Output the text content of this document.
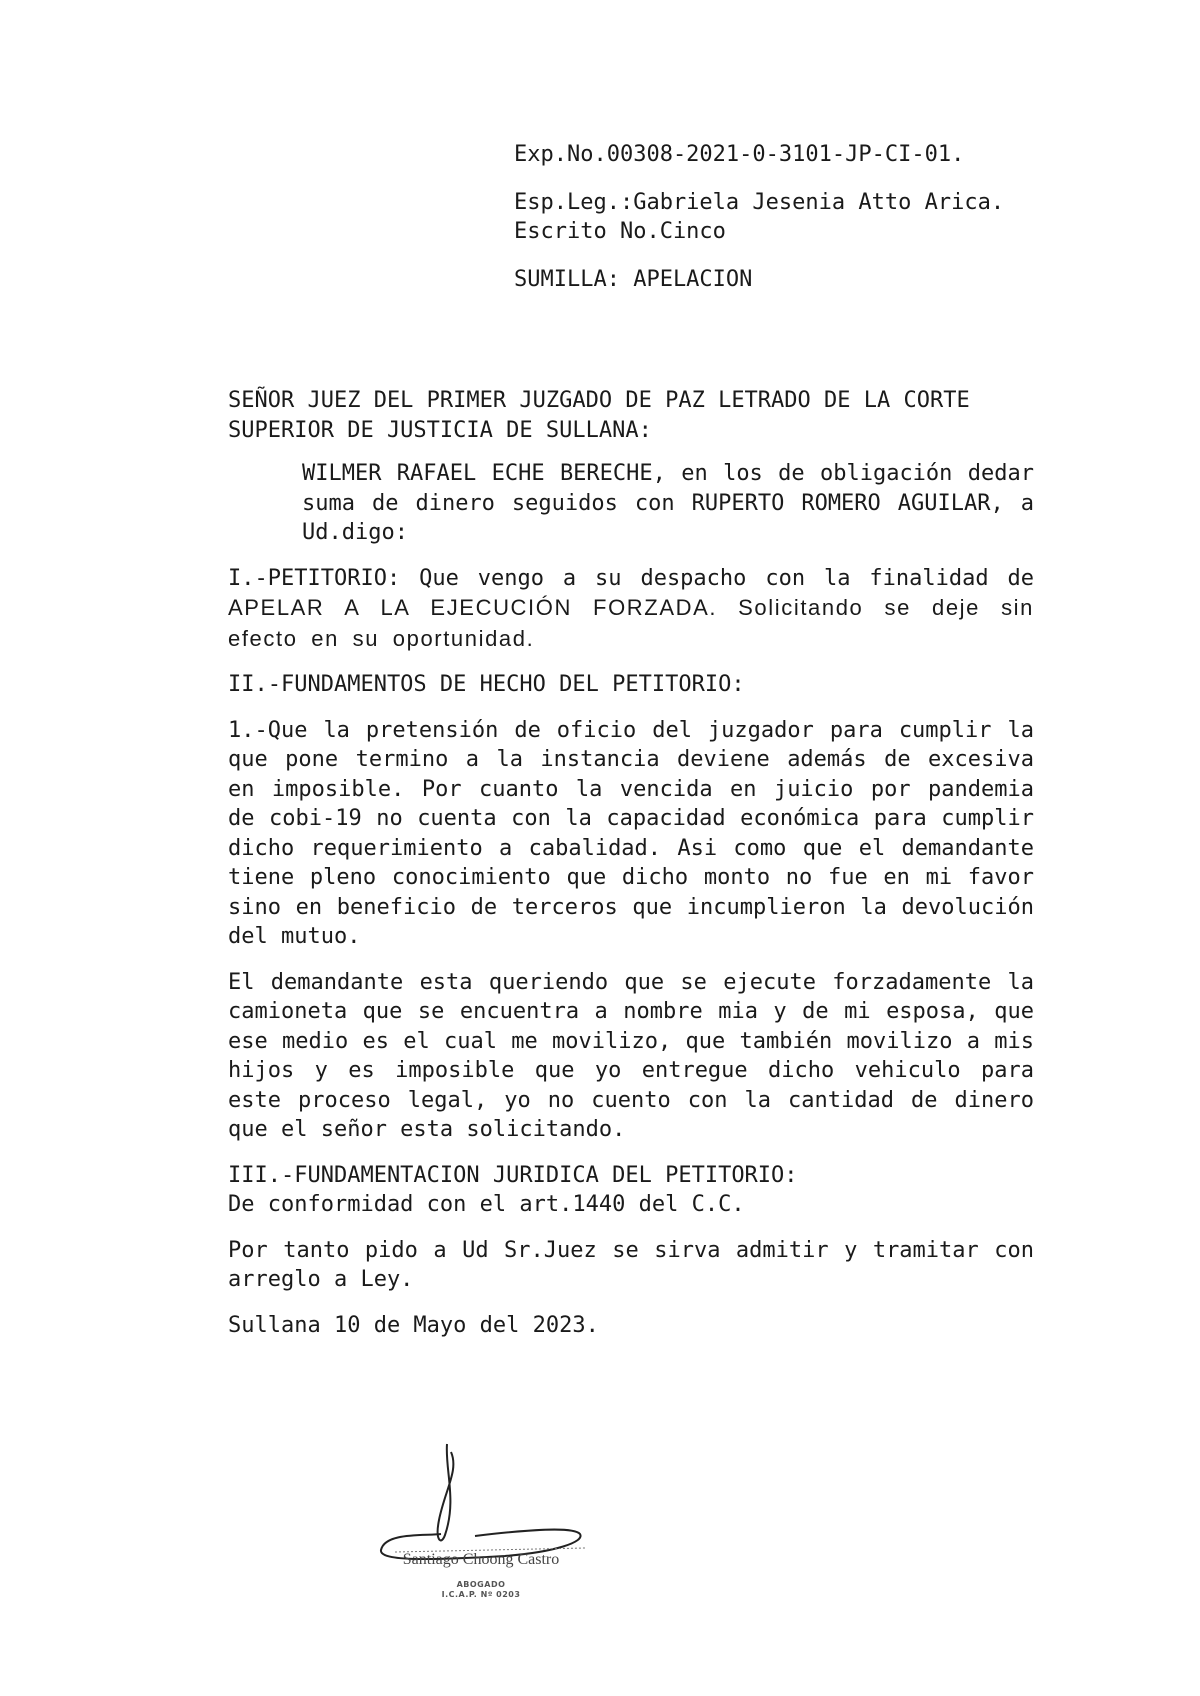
Exp.No.00308-2021-0-3101-JP-CI-01.

Esp.Leg.:Gabriela Jesenia Atto Arica.

Escrito No.Cinco

SUMILLA: APELACION

SEÑOR JUEZ DEL PRIMER JUZGADO DE PAZ LETRADO DE LA CORTE SUPERIOR DE JUSTICIA DE SULLANA:

WILMER RAFAEL ECHE BERECHE, en los de obligación dedar suma de dinero seguidos con RUPERTO ROMERO AGUILAR, a Ud.digo:

I.-PETITORIO: Que vengo a su despacho con la finalidad de APELAR A LA EJECUCIÓN FORZADA. Solicitando se deje sin efecto en su oportunidad.

II.-FUNDAMENTOS DE HECHO DEL PETITORIO:

1.-Que la pretensión de oficio del juzgador para cumplir la que pone termino a la instancia deviene además de excesiva en imposible. Por cuanto la vencida en juicio por pandemia de cobi-19 no cuenta con la capacidad económica para cumplir dicho requerimiento a cabalidad. Asi como que el demandante tiene pleno conocimiento que dicho monto no fue en mi favor sino en beneficio de terceros que incumplieron la devolución del mutuo.

El demandante esta queriendo que se ejecute forzadamente la camioneta que se encuentra a nombre mia y de mi esposa, que ese medio es el cual me movilizo, que también movilizo a mis hijos y es imposible que yo entregue dicho vehiculo para este proceso legal, yo no cuento con la cantidad de dinero que el señor esta solicitando.

III.-FUNDAMENTACION JURIDICA DEL PETITORIO:

De conformidad con el art.1440 del C.C.

Por tanto pido a Ud Sr.Juez se sirva admitir y tramitar con arreglo a Ley.

Sullana 10 de Mayo del 2023.

Santiago Choong Castro
ABOGADO
I.C.A.P. Nº 0203
